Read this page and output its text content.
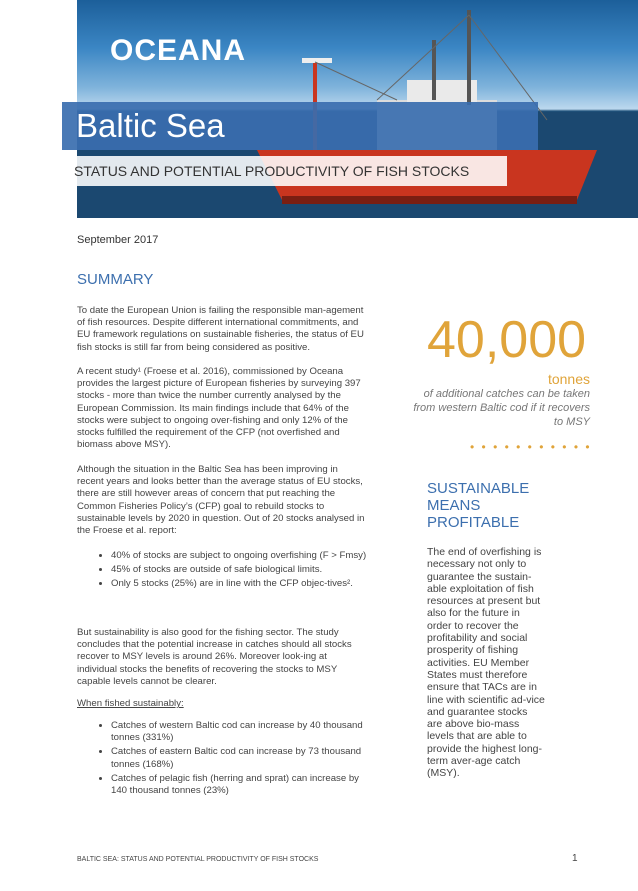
OCEANA
Baltic Sea
STATUS AND POTENTIAL PRODUCTIVITY OF FISH STOCKS
September 2017
SUMMARY

To date the European Union is failing the responsible man-agement of fish resources. Despite different international commitments, and EU framework regulations on sustainable fisheries, the status of EU fish stocks is still far from being considered as positive.

A recent study¹ (Froese et al. 2016), commissioned by Oceana provides the largest picture of European fisheries by surveying 397 stocks - more than twice the number currently analysed by the European Commission. Its main findings include that 64% of the stocks were subject to ongoing over-fishing and only 12% of the stocks fulfilled the requirement of the CFP (not overfished and biomass above MSY).

Although the situation in the Baltic Sea has been improving in recent years and looks better than the average status of EU stocks, there are still however areas of concern that put reaching the Common Fisheries Policy’s (CFP) goal to rebuild stocks to sustainable levels by 2020 in question. Out of 20 stocks analysed in the Froese et al. report:

• 40% of stocks are subject to ongoing overfishing (F > Fmsy)
• 45% of stocks are outside of safe biological limits.
• Only 5 stocks (25%) are in line with the CFP objec-tives².

But sustainability is also good for the fishing sector. The study concludes that the potential increase in catches should all stocks recover to MSY levels is around 26%. Moreover look-ing at individual stocks the benefits of recovering the stocks to MSY capable levels cannot be clearer.

When fished sustainably:
• Catches of western Baltic cod can increase by 40 thousand tonnes (331%)
• Catches of eastern Baltic cod can increase by 73 thousand tonnes (168%)
• Catches of pelagic fish (herring and sprat) can increase by 140 thousand tonnes (23%)
40,000
tonnes
of additional catches can be taken from western Baltic cod if it recovers to MSY
• • • • • • • • • • •
SUSTAINABLE MEANS PROFITABLE
The end of overfishing is necessary not only to guarantee the sustain-able exploitation of fish resources at present but also for the future in order to recover the profitability and social prosperity of fishing activities. EU Member States must therefore ensure that TACs are in line with scientific ad-vice and guarantee stocks are above bio-mass levels that are able to provide the highest long-term aver-age catch (MSY).
BALTIC SEA: STATUS AND POTENTIAL PRODUCTIVITY OF FISH STOCKS	1
